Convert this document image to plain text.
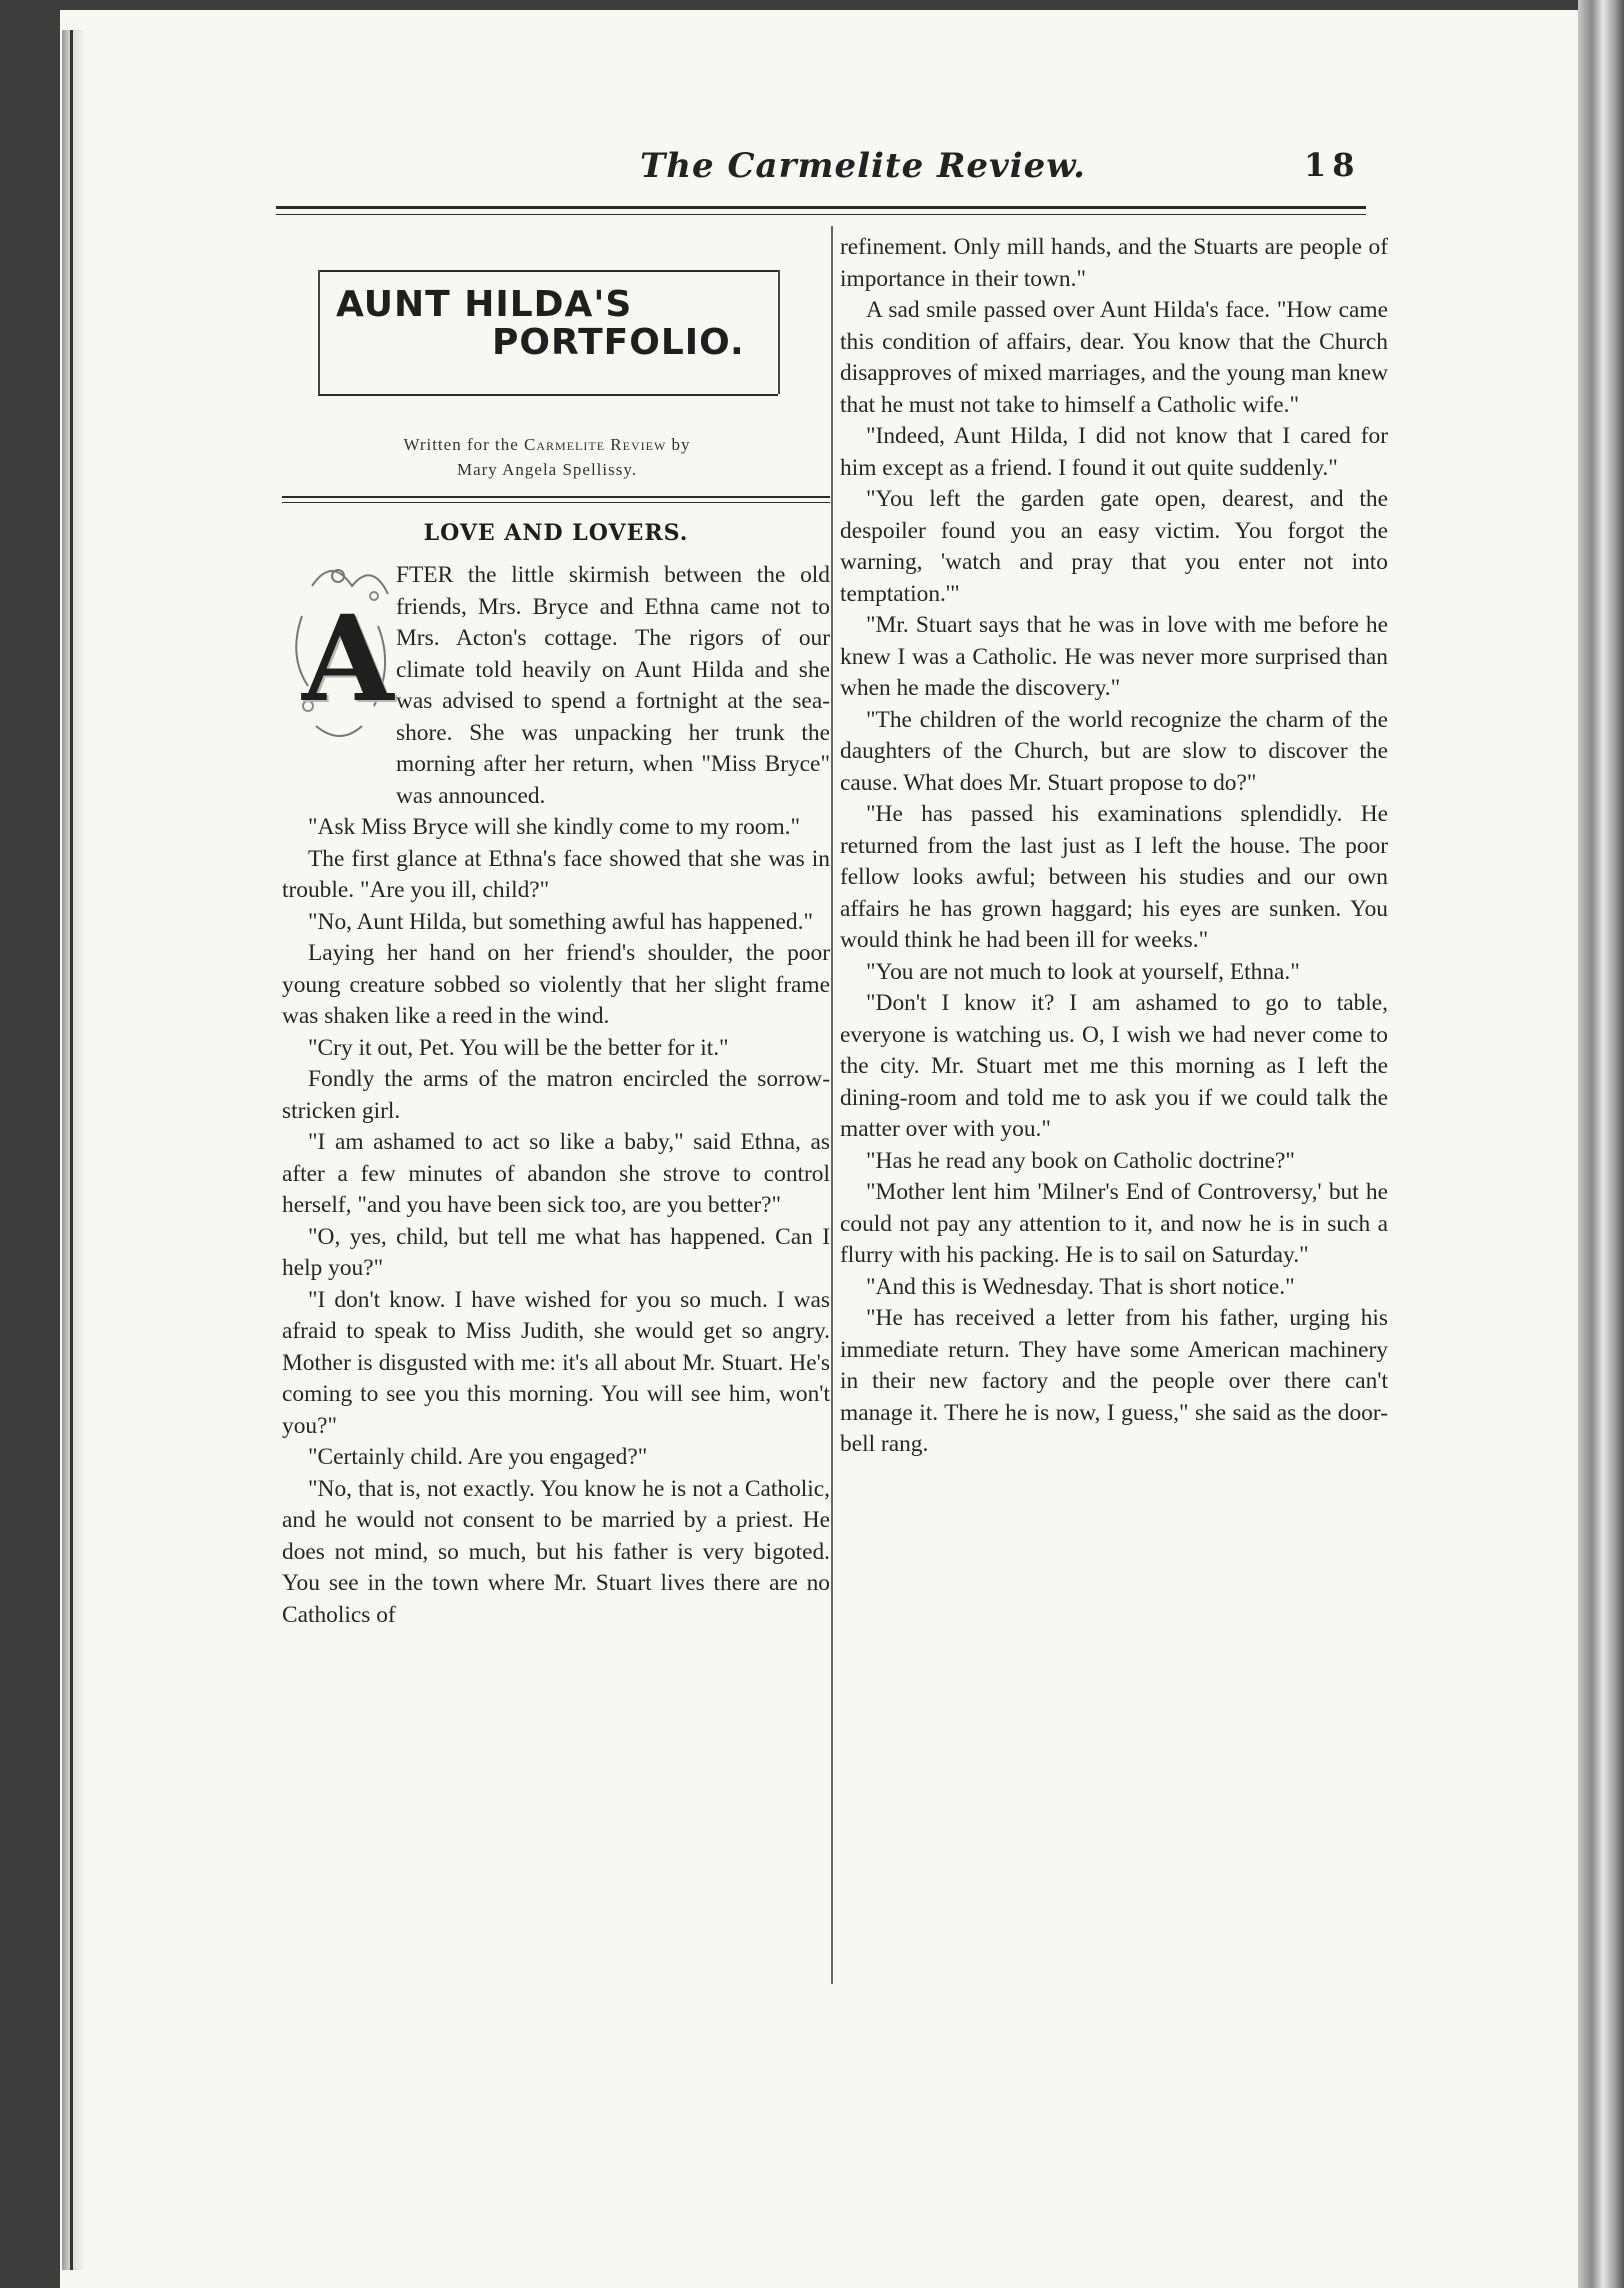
The Carmelite Review.	18
AUNT HILDA'S
PORTFOLIO.
Written for the Carmelite Review by
Mary Angela Spellissy.
LOVE AND LOVERS.
A

FTER the little skirmish between the old friends, Mrs. Bryce and Ethna came not to Mrs. Acton's cottage. The rigors of our climate told heavily on Aunt Hilda and she was advised to spend a fortnight at the sea-shore. She was unpacking her trunk the morning after her return, when "Miss Bryce" was announced.

"Ask Miss Bryce will she kindly come to my room."

The first glance at Ethna's face showed that she was in trouble. "Are you ill, child?"

"No, Aunt Hilda, but something awful has happened."

Laying her hand on her friend's shoulder, the poor young creature sobbed so violently that her slight frame was shaken like a reed in the wind.

"Cry it out, Pet. You will be the better for it."

Fondly the arms of the matron encircled the sorrow-stricken girl.

"I am ashamed to act so like a baby," said Ethna, as after a few minutes of abandon she strove to control herself, "and you have been sick too, are you better?"

"O, yes, child, but tell me what has happened. Can I help you?"

"I don't know. I have wished for you so much. I was afraid to speak to Miss Judith, she would get so angry. Mother is disgusted with me: it's all about Mr. Stuart. He's coming to see you this morning. You will see him, won't you?"

"Certainly child. Are you engaged?"

"No, that is, not exactly. You know he is not a Catholic, and he would not consent to be married by a priest. He does not mind, so much, but his father is very bigoted. You see in the town where Mr. Stuart lives there are no Catholics of

refinement. Only mill hands, and the Stuarts are people of importance in their town."

A sad smile passed over Aunt Hilda's face. "How came this condition of affairs, dear. You know that the Church disapproves of mixed marriages, and the young man knew that he must not take to himself a Catholic wife."

"Indeed, Aunt Hilda, I did not know that I cared for him except as a friend. I found it out quite suddenly."

"You left the garden gate open, dearest, and the despoiler found you an easy victim. You forgot the warning, 'watch and pray that you enter not into temptation.'"

"Mr. Stuart says that he was in love with me before he knew I was a Catholic. He was never more surprised than when he made the discovery."

"The children of the world recognize the charm of the daughters of the Church, but are slow to discover the cause. What does Mr. Stuart propose to do?"

"He has passed his examinations splendidly. He returned from the last just as I left the house. The poor fellow looks awful; between his studies and our own affairs he has grown haggard; his eyes are sunken. You would think he had been ill for weeks."

"You are not much to look at yourself, Ethna."

"Don't I know it? I am ashamed to go to table, everyone is watching us. O, I wish we had never come to the city. Mr. Stuart met me this morning as I left the dining-room and told me to ask you if we could talk the matter over with you."

"Has he read any book on Catholic doctrine?"

"Mother lent him 'Milner's End of Controversy,' but he could not pay any attention to it, and now he is in such a flurry with his packing. He is to sail on Saturday."

"And this is Wednesday. That is short notice."

"He has received a letter from his father, urging his immediate return. They have some American machinery in their new factory and the people over there can't manage it. There he is now, I guess," she said as the door-bell rang.
